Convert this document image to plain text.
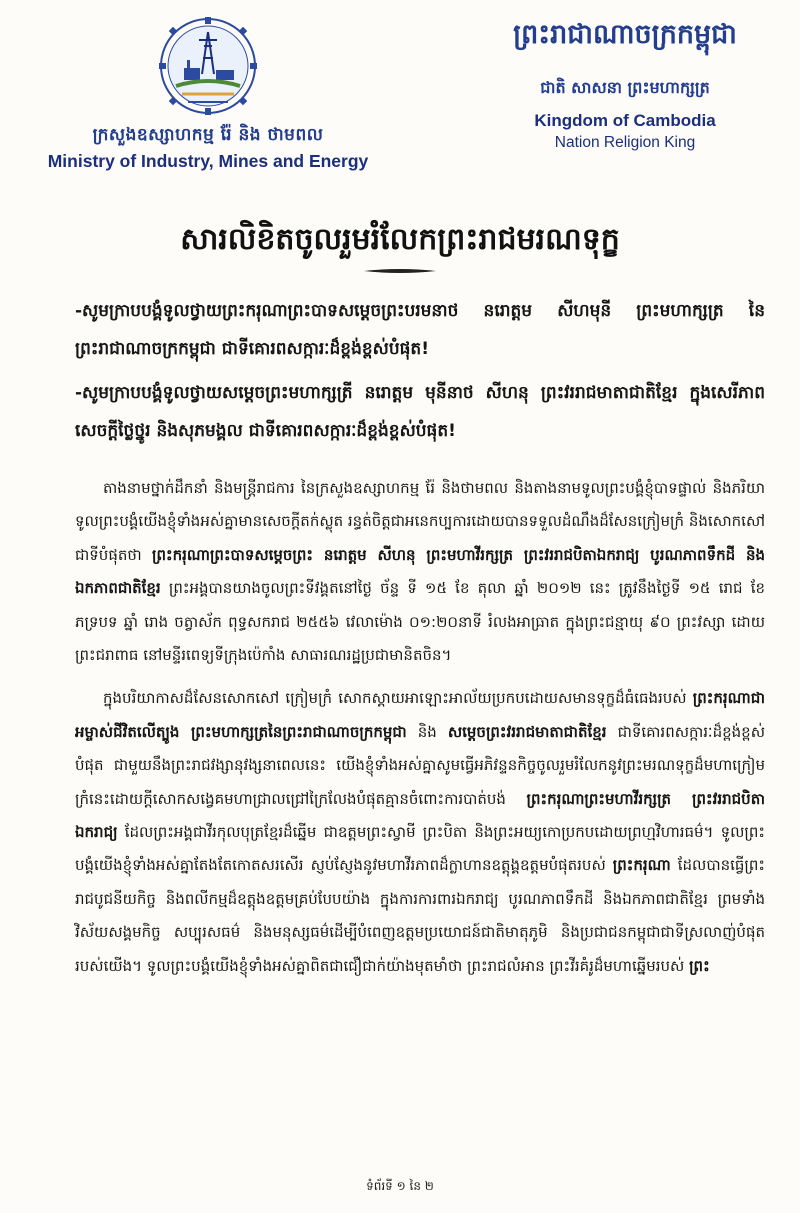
ក្រសួងឧស្សាហកម្ម រ៉ែ និង ថាមពល
Ministry of Industry, Mines and Energy
ព្រះរាជាណាចក្រកម្ពុជា
ជាតិ សាសនា ព្រះមហាក្សត្រ
Kingdom of Cambodia
Nation Religion King
សារលិខិតចូលរួមរំលែកព្រះរាជមរណទុក្ខ

-សូមក្រាបបង្គំទូលថ្វាយព្រះករុណាព្រះបាទសម្តេចព្រះបរមនាថ នរោត្តម សីហមុនី ព្រះមហាក្សត្រ នៃព្រះរាជាណាចក្រកម្ពុជា ជាទីគោរពសក្ការៈដ៏ខ្ពង់ខ្ពស់បំផុត!

-សូមក្រាបបង្គំទូលថ្វាយសម្តេចព្រះមហាក្សត្រី នរោត្តម មុនីនាថ សីហនុ ព្រះវររាជមាតាជាតិខ្មែរ ក្នុងសេរីភាព សេចក្តីថ្លៃថ្នូរ និងសុភមង្គល ជាទីគោរពសក្ការៈដ៏ខ្ពង់ខ្ពស់បំផុត!

តាងនាមថ្នាក់ដឹកនាំ និងមន្ត្រីរាជការ នៃក្រសួងឧស្សាហកម្ម រ៉ែ និងថាមពល និងតាងនាមទូលព្រះបង្គំខ្ញុំបាទផ្ទាល់ និងភរិយា ទូលព្រះបង្គំយើងខ្ញុំទាំងអស់គ្នាមានសេចក្តីតក់ស្លុត រន្ធត់ចិត្តជាអនេកប្បការដោយបានទទួលដំណឹងដ៏សែនក្រៀមក្រំ និងសោកសៅជាទីបំផុតថា ព្រះករុណាព្រះបាទសម្តេចព្រះ នរោត្តម សីហនុ ព្រះមហាវីរក្សត្រ ព្រះវររាជបិតាឯករាជ្យ បូរណភាពទឹកដី និងឯកភាពជាតិខ្មែរ ព្រះអង្គបានយាងចូលព្រះទីវង្គតនៅថ្ងៃ ច័ន្ទ ទី ១៥ ខែ តុលា ឆ្នាំ ២០១២ នេះ ត្រូវនឹងថ្ងៃទី ១៥ រោជ ខែ ភទ្របទ ឆ្នាំ រោង ចត្វាស័ក ពុទ្ធសករាជ ២៥៥៦ វេលាម៉ោង ០១:២០នាទី រំលងអាធ្រាត ក្នុងព្រះជន្មាយុ ៩០ ព្រះវស្សា ដោយព្រះជរាពាធ នៅមន្ទីរពេទ្យទីក្រុងប៉េកាំង សាធារណរដ្ឋប្រជាមានិតចិន។

ក្នុងបរិយាកាសដ៏សែនសោកសៅ ក្រៀមក្រំ សោកស្តាយអាឡោះអាល័យប្រកបដោយសមានទុក្ខដ៏ធំធេងរបស់ ព្រះករុណាជាអម្ចាស់ជីវិតលើត្បូង ព្រះមហាក្សត្រនៃព្រះរាជាណាចក្រកម្ពុជា និង សម្តេចព្រះវររាជមាតាជាតិខ្មែរ ជាទីគោរពសក្ការៈដ៏ខ្ពង់ខ្ពស់បំផុត ជាមួយនឹងព្រះរាជវង្សានុវង្សនាពេលនេះ យើងខ្ញុំទាំងអស់គ្នាសូមធ្វើអភិវន្ទនកិច្ចចូលរួមរំលែកនូវព្រះមរណទុក្ខដ៏មហាក្រៀមក្រំនេះដោយក្តីសោកសង្វេគមហាជ្រាលជ្រៅក្រៃលែងបំផុតគ្មានចំពោះការបាត់បង់ ព្រះករុណាព្រះមហាវីរក្សត្រ ព្រះវររាជបិតាឯករាជ្យ ដែលព្រះអង្គជាវីរកុលបុត្រខ្មែរដ៏ឆ្នើម ជាឧត្តមព្រះស្វាមី ព្រះបិតា និងព្រះអយ្យកោប្រកបដោយព្រហ្មវិហារធម៌។ ទូលព្រះបង្គំយើងខ្ញុំទាំងអស់គ្នាតែងតែកោតសរសើរ ស្ញប់ស្ញែងនូវមហាវីរភាពដ៏ក្លាហានឧត្តុង្គឧត្តមបំផុតរបស់ ព្រះករុណា ដែលបានធ្វើព្រះរាជបូជនីយកិច្ច និងពលីកម្មដ៏ឧត្តុងឧត្តមគ្រប់បែបយ៉ាង ក្នុងការការពារឯករាជ្យ បូរណភាពទឹកដី និងឯកភាពជាតិខ្មែរ ព្រមទាំងវិស័យសង្គមកិច្ច សប្បុរសធម៌ និងមនុស្សធម៌ដើម្បីបំពេញឧត្តមប្រយោជន៍ជាតិមាតុភូមិ និងប្រជាជនកម្ពុជាជាទីស្រលាញ់បំផុតរបស់យើង។ ទូលព្រះបង្គំយើងខ្ញុំទាំងអស់គ្នាពិតជាជឿជាក់យ៉ាងមុតមាំថា ព្រះរាជលំអាន ព្រះវីរគំរូដ៏មហាឆ្នើមរបស់ ព្រះ

ទំព័រទី ១ នៃ ២
